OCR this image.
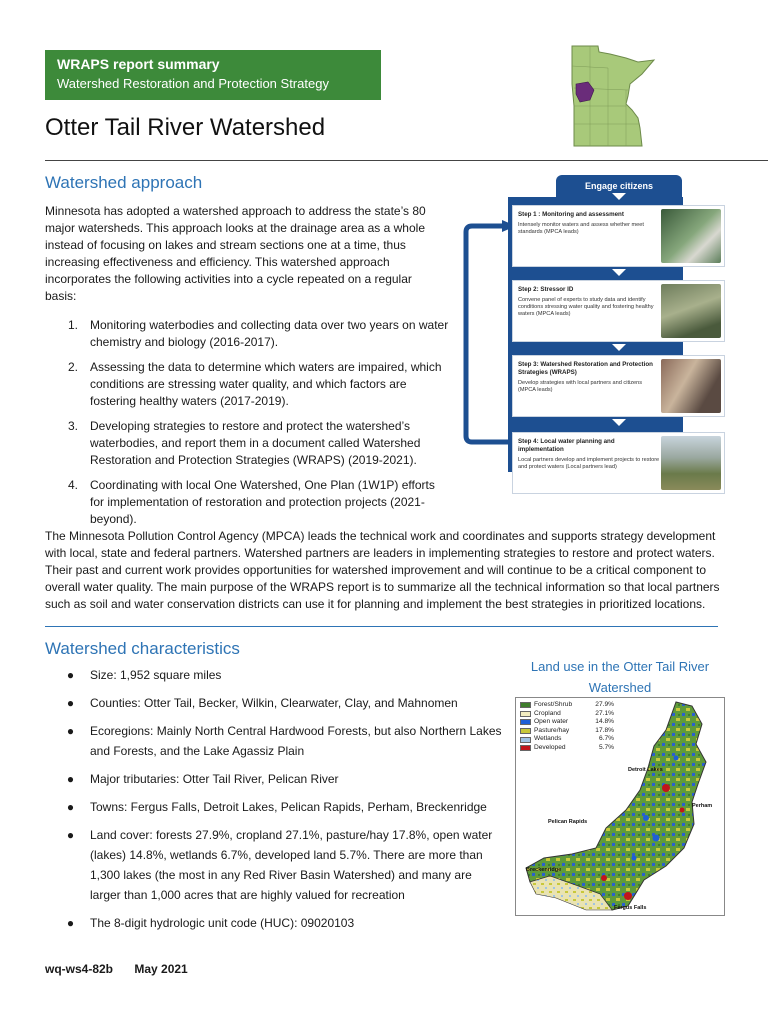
WRAPS report summary
Watershed Restoration and Protection Strategy
Otter Tail River Watershed
Watershed approach
Minnesota has adopted a watershed approach to address the state’s 80 major watersheds. This approach looks at the drainage area as a whole instead of focusing on lakes and stream sections one at a time, thus increasing effectiveness and efficiency. This watershed approach incorporates the following activities into a cycle repeated on a regular basis:
1.	Monitoring waterbodies and collecting data over two years on water chemistry and biology (2016-2017).
2.	Assessing the data to determine which waters are impaired, which conditions are stressing water quality, and which factors are fostering healthy waters (2017-2019).
3.	Developing strategies to restore and protect the watershed’s waterbodies, and report them in a document called Watershed Restoration and Protection Strategies (WRAPS) (2019-2021).
4.	Coordinating with local One Watershed, One Plan (1W1P) efforts for implementation of restoration and protection projects (2021-beyond).
The Minnesota Pollution Control Agency (MPCA) leads the technical work and coordinates and supports strategy development with local, state and federal partners. Watershed partners are leaders in implementing strategies to restore and protect waters. Their past and current work provides opportunities for watershed improvement and will continue to be a critical component to overall water quality. The main purpose of the WRAPS report is to summarize all the technical information so that local partners such as soil and water conservation districts can use it for planning and implement the best strategies in prioritized locations.
Engage citizens
Step 1 : Monitoring and assessment
Intensely monitor waters and assess whether meet standards (MPCA leads)
Step 2: Stressor ID
Convene panel of experts to study data and identify conditions stressing water quality and fostering healthy waters (MPCA leads)
Step 3: Watershed Restoration and Protection Strategies (WRAPS)
Develop strategies with local partners and citizens (MPCA leads)
Step 4: Local water planning and implementation
Local partners develop and implement projects to restore and protect waters (Local partners lead)
Watershed characteristics
●	Size: 1,952 square miles
●	Counties: Otter Tail, Becker, Wilkin, Clearwater, Clay, and Mahnomen
●	Ecoregions: Mainly North Central Hardwood Forests, but also Northern Lakes and Forests, and the Lake Agassiz Plain
●	Major tributaries: Otter Tail River, Pelican River
●	Towns: Fergus Falls, Detroit Lakes, Pelican Rapids, Perham, Breckenridge
●	Land cover: forests 27.9%, cropland 27.1%, pasture/hay 17.8%, open water (lakes) 14.8%, wetlands 6.7%, developed land 5.7%. There are more than 1,300 lakes (the most in any Red River Basin Watershed) and many are larger than 1,000 acres that are highly valued for recreation
●	The 8-digit hydrologic unit code (HUC): 09020103
Land use in the Otter Tail River Watershed
Forest/Shrub	27.9%
Cropland	27.1%
Open water	14.8%
Pasture/hay	17.8%
Wetlands	6.7%
Developed	5.7%
Detroit Lakes
Perham
Pelican Rapids
Breckenridge
Fergus Falls
wq-ws4-82b May 2021
